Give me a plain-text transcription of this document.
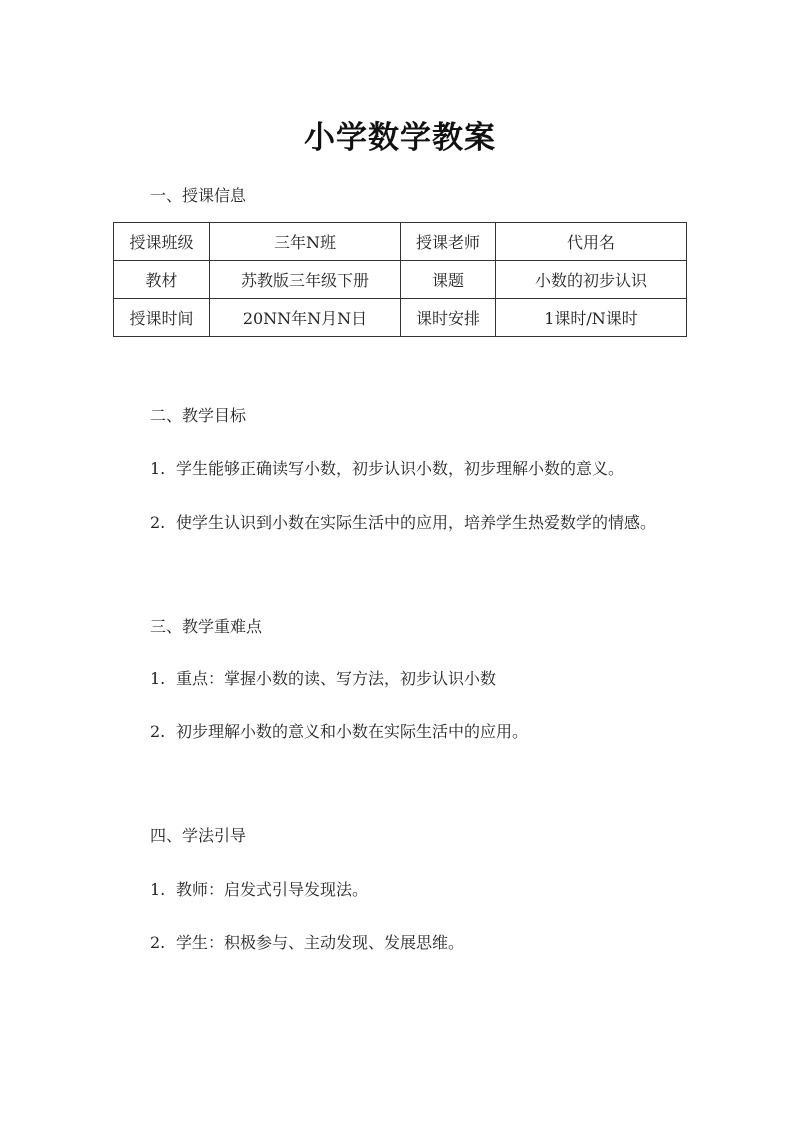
小学数学教案
一、授课信息
授课班级	三年N班	授课老师	代用名
教材	苏教版三年级下册	课题	小数的初步认识
授课时间	20NN年N月N日	课时安排	1课时/N课时
二、教学目标
1. 学生能够正确读写小数，初步认识小数，初步理解小数的意义。
2. 使学生认识到小数在实际生活中的应用，培养学生热爱数学的情感。
三、教学重难点
1. 重点：掌握小数的读、写方法，初步认识小数
2. 初步理解小数的意义和小数在实际生活中的应用。
四、学法引导
1. 教师：启发式引导发现法。
2. 学生：积极参与、主动发现、发展思维。
